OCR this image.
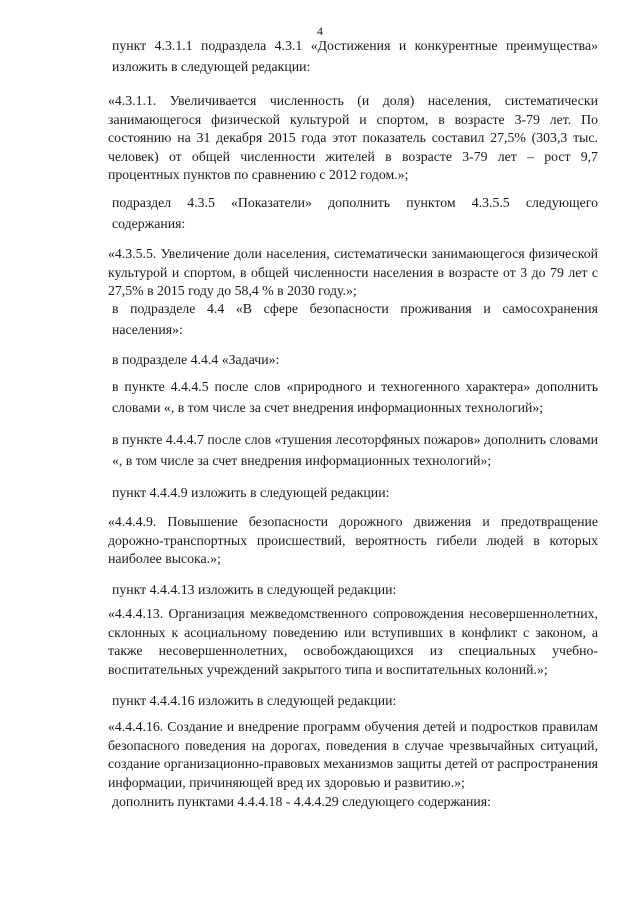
4

пункт 4.3.1.1 подраздела 4.3.1 «Достижения и конкурентные преимущества» изложить в следующей редакции:

«4.3.1.1. Увеличивается численность (и доля) населения, систематически занимающегося физической культурой и спортом, в возрасте 3-79 лет. По состоянию на 31 декабря 2015 года этот показатель составил 27,5% (303,3 тыс. человек) от общей численности жителей в возрасте 3-79 лет – рост 9,7 процентных пунктов по сравнению с 2012 годом.»;

подраздел 4.3.5 «Показатели» дополнить пунктом 4.3.5.5 следующего содержания:

«4.3.5.5. Увеличение доли населения, систематически занимающегося физической культурой и спортом, в общей численности населения в возрасте от 3 до 79 лет с 27,5% в 2015 году до 58,4 % в 2030 году.»;

в подразделе 4.4 «В сфере безопасности проживания и самосохранения населения»:

в подразделе 4.4.4 «Задачи»:

в пункте 4.4.4.5 после слов «природного и техногенного характера» дополнить словами «, в том числе за счет внедрения информационных технологий»;

в пункте 4.4.4.7 после слов «тушения лесоторфяных пожаров» дополнить словами «, в том числе за счет внедрения информационных технологий»;

пункт 4.4.4.9 изложить в следующей редакции:

«4.4.4.9. Повышение безопасности дорожного движения и предотвращение дорожно-транспортных происшествий, вероятность гибели людей в которых наиболее высока.»;

пункт 4.4.4.13 изложить в следующей редакции:

«4.4.4.13. Организация межведомственного сопровождения несовершеннолетних, склонных к асоциальному поведению или вступивших в конфликт с законом, а также несовершеннолетних, освобождающихся из специальных учебно-воспитательных учреждений закрытого типа и воспитательных колоний.»;

пункт 4.4.4.16 изложить в следующей редакции:

«4.4.4.16. Создание и внедрение программ обучения детей и подростков правилам безопасного поведения на дорогах, поведения в случае чрезвычайных ситуаций, создание организационно-правовых механизмов защиты детей от распространения информации, причиняющей вред их здоровью и развитию.»;

дополнить пунктами 4.4.4.18 - 4.4.4.29 следующего содержания:
